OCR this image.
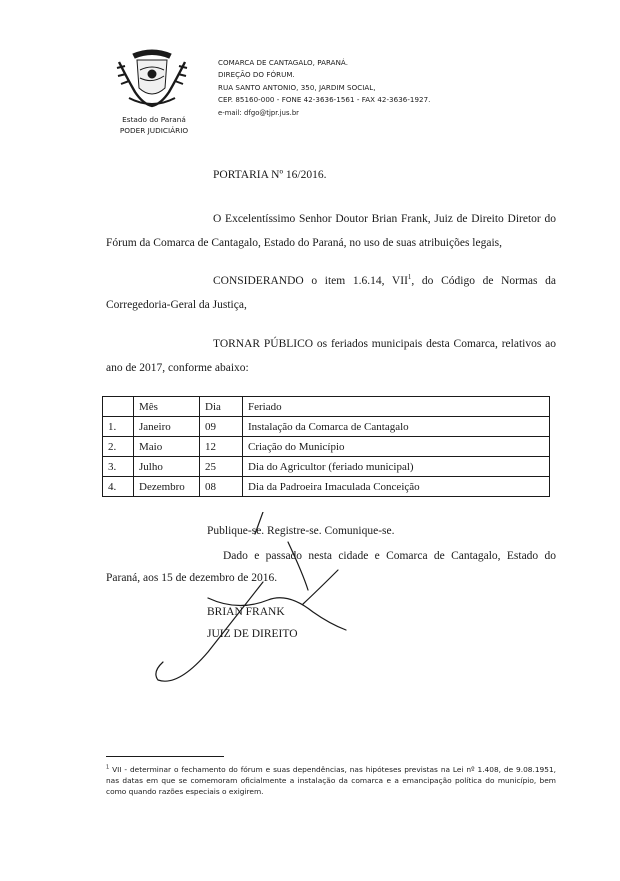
Estado do Paraná
PODER JUDICIÁRIO
COMARCA DE CANTAGALO, PARANÁ.
DIREÇÃO DO FÓRUM.
RUA SANTO ANTONIO, 350, JARDIM SOCIAL,
CEP. 85160-000 - FONE 42-3636-1561 - FAX 42-3636-1927.
e-mail: dfgo@tjpr.jus.br
PORTARIA Nº 16/2016.
O Excelentíssimo Senhor Doutor Brian Frank, Juiz de Direito Diretor do Fórum da Comarca de Cantagalo, Estado do Paraná, no uso de suas atribuições legais,
CONSIDERANDO o item 1.6.14, VII$^1$, do Código de Normas da Corregedoria-Geral da Justiça,
TORNAR PÚBLICO os feriados municipais desta Comarca, relativos ao ano de 2017, conforme abaixo:
	Mês	Dia	Feriado
1.	Janeiro	09	Instalação da Comarca de Cantagalo
2.	Maio	12	Criação do Município
3.	Julho	25	Dia do Agricultor (feriado municipal)
4.	Dezembro	08	Dia da Padroeira Imaculada Conceição
Publique-se. Registre-se. Comunique-se.
Dado e passado nesta cidade e Comarca de Cantagalo, Estado do Paraná, aos 15 de dezembro de 2016.
BRIAN FRANK
JUIZ DE DIREITO
$^1$ VII - determinar o fechamento do fórum e suas dependências, nas hipóteses previstas na Lei nº 1.408, de 9.08.1951, nas datas em que se comemoram oficialmente a instalação da comarca e a emancipação política do município, bem como quando razões especiais o exigirem.
